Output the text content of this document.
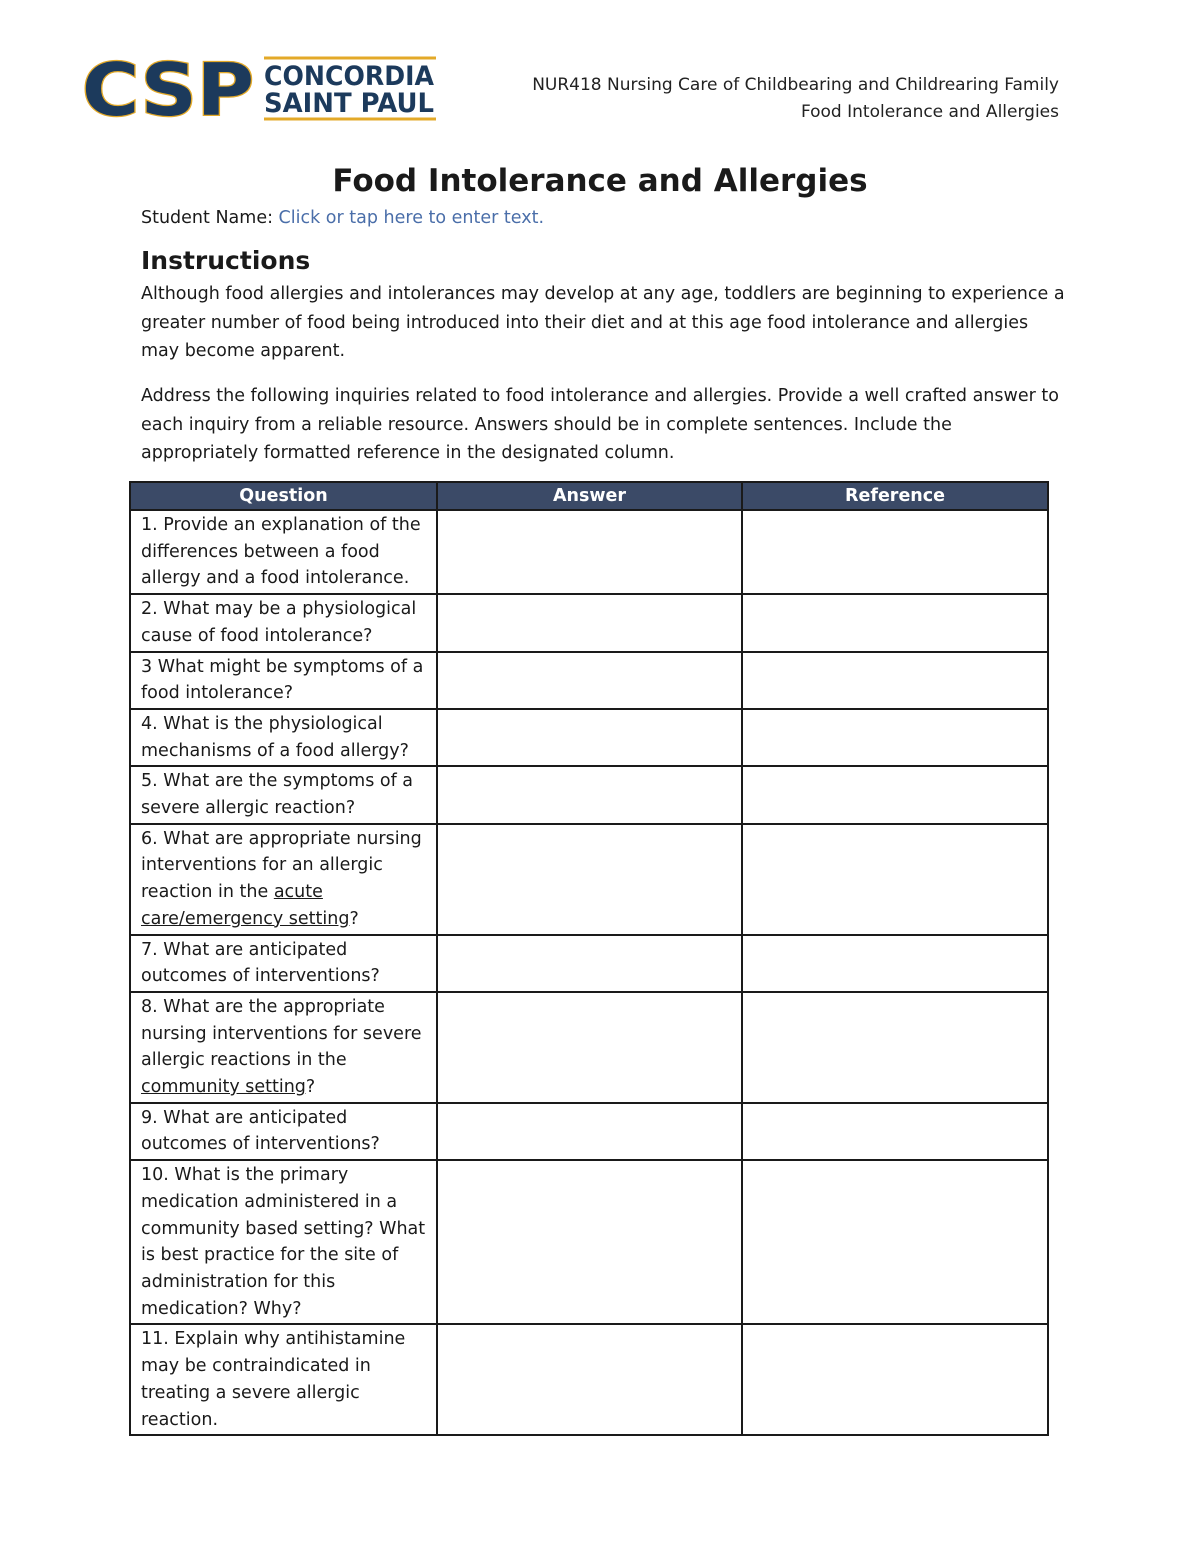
CSP CONCORDIA
SAINT PAUL
NUR418 Nursing Care of Childbearing and Childrearing Family
Food Intolerance and Allergies
Food Intolerance and Allergies
Student Name: Click or tap here to enter text.
Instructions

Although food allergies and intolerances may develop at any age, toddlers are beginning to experience a greater number of food being introduced into their diet and at this age food intolerance and allergies may become apparent.

Address the following inquiries related to food intolerance and allergies. Provide a well crafted answer to each inquiry from a reliable resource. Answers should be in complete sentences. Include the appropriately formatted reference in the designated column.

Question	Answer	Reference
1. Provide an explanation of the differences between a food allergy and a food intolerance.		
2. What may be a physiological cause of food intolerance?		
3 What might be symptoms of a food intolerance?		
4. What is the physiological mechanisms of a food allergy?		
5. What are the symptoms of a severe allergic reaction?		
6. What are appropriate nursing interventions for an allergic reaction in the acute care/emergency setting?		
7. What are anticipated outcomes of interventions?		
8. What are the appropriate nursing interventions for severe allergic reactions in the community setting?		
9. What are anticipated outcomes of interventions?		
10. What is the primary medication administered in a community based setting? What is best practice for the site of administration for this medication? Why?		
11. Explain why antihistamine may be contraindicated in treating a severe allergic reaction.		
